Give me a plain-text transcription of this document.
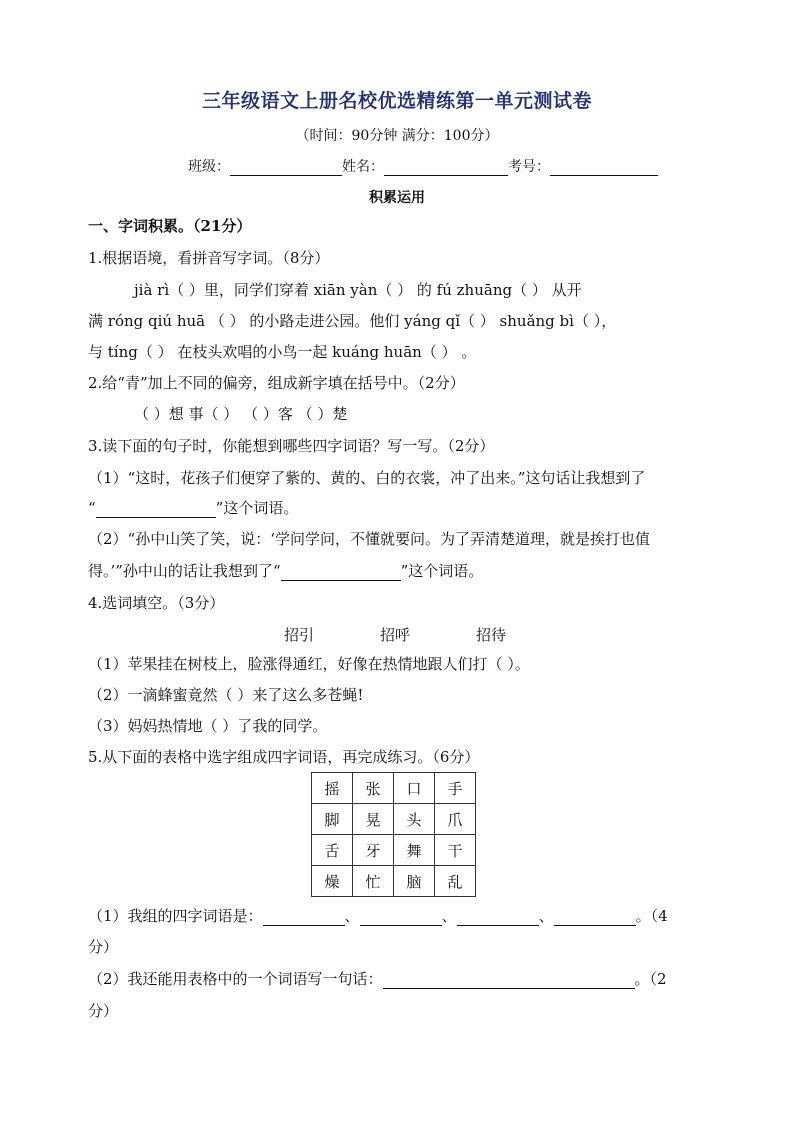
三年级语文上册名校优选精练第一单元测试卷
（时间：90分钟 满分：100分）
班级：	姓名：	考号：
积累运用
一、字词积累。（21分）
1.根据语境，看拼音写字词。（8分）
jià rì（ ）里，同学们穿着 xiān yàn（ ） 的 fú zhuāng（ ） 从开
满 róng qiú huā （ ） 的小路走进公园。他们 yáng qǐ（ ） shuǎng bì（ ），
与 tíng（ ） 在枝头欢唱的小鸟一起 kuáng huān（ ） 。
2.给“青”加上不同的偏旁，组成新字填在括号中。（2分）
（ ）想 事（ ） （ ）客 （ ）楚
3.读下面的句子时，你能想到哪些四字词语？写一写。（2分）
（1）“这时，花孩子们便穿了紫的、黄的、白的衣裳，冲了出来。”这句话让我想到了
“	”这个词语。
（2）“孙中山笑了笑，说：‘学问学问，不懂就要问。为了弄清楚道理，就是挨打也值
得。’”孙中山的话让我想到了“	”这个词语。
4.选词填空。（3分）
招引	招呼	招待
（1）苹果挂在树枝上，脸涨得通红，好像在热情地跟人们打（ ）。
（2）一滴蜂蜜竟然（ ）来了这么多苍蝇!
（3）妈妈热情地（ ）了我的同学。
5.从下面的表格中选字组成四字词语，再完成练习。（6分）
摇	张	口	手
脚	晃	头	爪
舌	牙	舞	干
燥	忙	脑	乱
（1）我组的四字词语是：	、	、	、	。（4
分）
（2）我还能用表格中的一个词语写一句话：	。（2
分）
